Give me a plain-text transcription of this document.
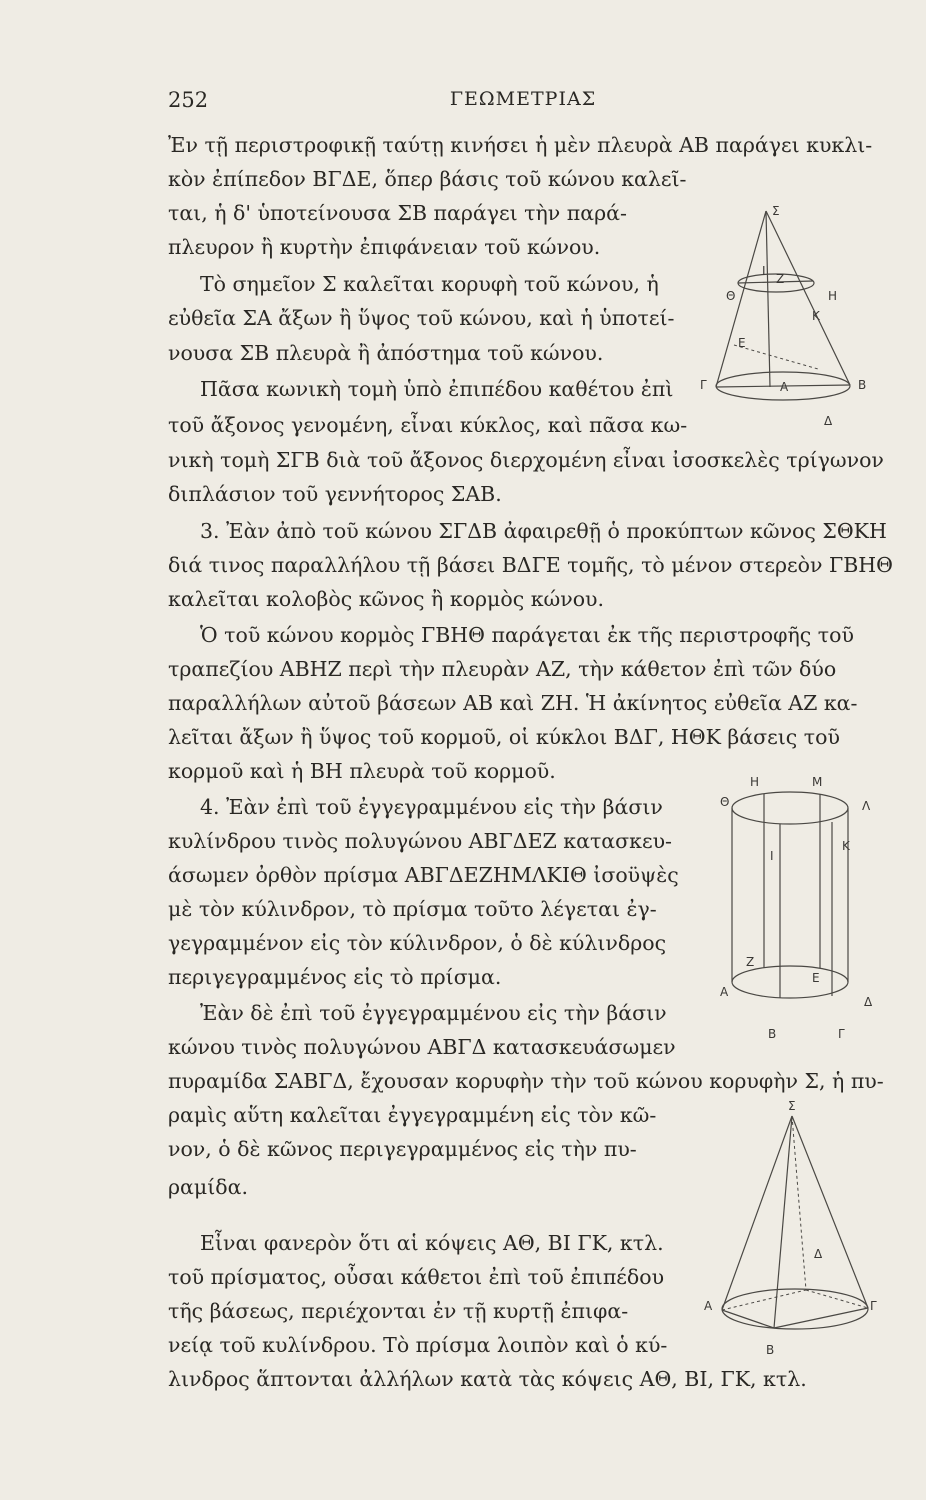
252	ΓΕΩΜΕΤΡΙΑΣ
Ἐν τῇ περιστροφικῇ ταύτῃ κινήσει ἡ μὲν πλευρὰ ΑΒ παράγει κυκλι-
κὸν ἐπίπεδον ΒΓΔΕ, ὅπερ βάσις τοῦ κώνου καλεῖ-
ται, ἡ δ' ὑποτείνουσα ΣΒ παράγει τὴν παρά-
πλευρον ἢ κυρτὴν ἐπιφάνειαν τοῦ κώνου.
Τὸ σημεῖον Σ καλεῖται κορυφὴ τοῦ κώνου, ἡ
εὐθεῖα ΣΑ ἄξων ἢ ὕψος τοῦ κώνου, καὶ ἡ ὑποτεί-
νουσα ΣΒ πλευρὰ ἢ ἀπόστημα τοῦ κώνου.
Πᾶσα κωνικὴ τομὴ ὑπὸ ἐπιπέδου καθέτου ἐπὶ
τοῦ ἄξονος γενομένη, εἶναι κύκλος, καὶ πᾶσα κω-
νικὴ τομὴ ΣΓΒ διὰ τοῦ ἄξονος διερχομένη εἶναι ἰσοσκελὲς τρίγωνον
διπλάσιον τοῦ γεννήτορος ΣΑΒ.
3. Ἐὰν ἀπὸ τοῦ κώνου ΣΓΔΒ ἀφαιρεθῇ ὁ προκύπτων κῶνος ΣΘΚΗ
διά τινος παραλλήλου τῇ βάσει ΒΔΓΕ τομῆς, τὸ μένον στερεὸν ΓΒΗΘ
καλεῖται κολοβὸς κῶνος ἢ κορμὸς κώνου.
Ὁ τοῦ κώνου κορμὸς ΓΒΗΘ παράγεται ἐκ τῆς περιστροφῆς τοῦ
τραπεζίου ΑΒΗΖ περὶ τὴν πλευρὰν ΑΖ, τὴν κάθετον ἐπὶ τῶν δύο
παραλλήλων αὐτοῦ βάσεων ΑΒ καὶ ΖΗ. Ἡ ἀκίνητος εὐθεῖα ΑΖ κα-
λεῖται ἄξων ἢ ὕψος τοῦ κορμοῦ, οἱ κύκλοι ΒΔΓ, ΗΘΚ βάσεις τοῦ
κορμοῦ καὶ ἡ ΒΗ πλευρὰ τοῦ κορμοῦ.
4. Ἐὰν ἐπὶ τοῦ ἐγγεγραμμένου εἰς τὴν βάσιν
κυλίνδρου τινὸς πολυγώνου ΑΒΓΔΕΖ κατασκευ-
άσωμεν ὀρθὸν πρίσμα ΑΒΓΔΕΖΗΜΛΚΙΘ ἰσοϋψὲς
μὲ τὸν κύλινδρον, τὸ πρίσμα τοῦτο λέγεται ἐγ-
γεγραμμένον εἰς τὸν κύλινδρον, ὁ δὲ κύλινδρος
περιγεγραμμένος εἰς τὸ πρίσμα.
Ἐὰν δὲ ἐπὶ τοῦ ἐγγεγραμμένου εἰς τὴν βάσιν
κώνου τινὸς πολυγώνου ΑΒΓΔ κατασκευάσωμεν
πυραμίδα ΣΑΒΓΔ, ἔχουσαν κορυφὴν τὴν τοῦ κώνου κορυφὴν Σ, ἡ πυ-
ραμὶς αὕτη καλεῖται ἐγγεγραμμένη εἰς τὸν κῶ-
νον, ὁ δὲ κῶνος περιγεγραμμένος εἰς τὴν πυ-
ραμίδα.
Εἶναι φανερὸν ὅτι αἱ κόψεις ΑΘ, ΒΙ ΓΚ, κτλ.
τοῦ πρίσματος, οὖσαι κάθετοι ἐπὶ τοῦ ἐπιπέδου
τῆς βάσεως, περιέχονται ἐν τῇ κυρτῇ ἐπιφα-
νείᾳ τοῦ κυλίνδρου. Τὸ πρίσμα λοιπὸν καὶ ὁ κύ-
λινδρος ἅπτονται ἀλλήλων κατὰ τὰς κόψεις ΑΘ, ΒΙ, ΓΚ, κτλ.
Σ
Θ
Z
H
I
K
E
Γ	A	B
Δ
H	M
Θ	Λ
I
K
Z
E
A
Δ
B	Γ
Σ
Δ
A	Γ
B
